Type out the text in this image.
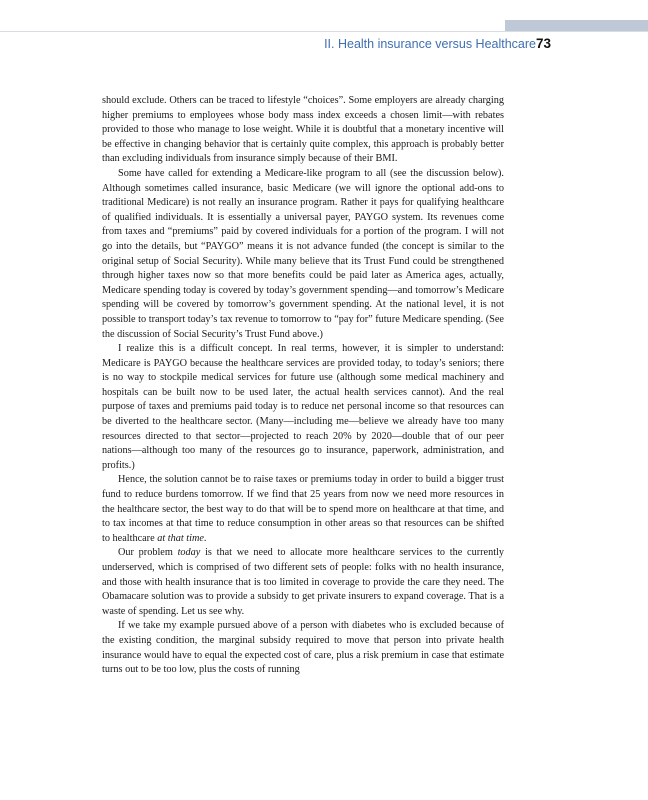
II. Health insurance versus Healthcare 73

should exclude. Others can be traced to lifestyle “choices”. Some employers are already charging higher premiums to employees whose body mass index exceeds a chosen limit—with rebates provided to those who manage to lose weight. While it is doubtful that a monetary incentive will be effective in changing behavior that is certainly quite complex, this approach is probably better than excluding individuals from insurance simply because of their BMI.

Some have called for extending a Medicare-like program to all (see the discussion below). Although sometimes called insurance, basic Medicare (we will ignore the optional add-ons to traditional Medicare) is not really an insurance program. Rather it pays for qualifying healthcare of qualified individuals. It is essentially a universal payer, PAYGO system. Its revenues come from taxes and “premiums” paid by covered individuals for a portion of the program. I will not go into the details, but “PAYGO” means it is not advance funded (the concept is similar to the original setup of Social Security). While many believe that its Trust Fund could be strengthened through higher taxes now so that more benefits could be paid later as America ages, actually, Medicare spending today is covered by today’s government spending—and tomorrow’s Medicare spending will be covered by tomorrow’s government spending. At the national level, it is not possible to transport today’s tax revenue to tomorrow to “pay for” future Medicare spending. (See the discussion of Social Security’s Trust Fund above.)

I realize this is a difficult concept. In real terms, however, it is simpler to understand: Medicare is PAYGO because the healthcare services are provided today, to today’s seniors; there is no way to stockpile medical services for future use (although some medical machinery and hospitals can be built now to be used later, the actual health services cannot). And the real purpose of taxes and premiums paid today is to reduce net personal income so that resources can be diverted to the healthcare sector. (Many—including me—believe we already have too many resources directed to that sector—projected to reach 20% by 2020—double that of our peer nations—although too many of the resources go to insurance, paperwork, administration, and profits.)

Hence, the solution cannot be to raise taxes or premiums today in order to build a bigger trust fund to reduce burdens tomorrow. If we find that 25 years from now we need more resources in the healthcare sector, the best way to do that will be to spend more on healthcare at that time, and to tax incomes at that time to reduce consumption in other areas so that resources can be shifted to healthcare at that time.

Our problem today is that we need to allocate more healthcare services to the currently underserved, which is comprised of two different sets of people: folks with no health insurance, and those with health insurance that is too limited in coverage to provide the care they need. The Obamacare solution was to provide a subsidy to get private insurers to expand coverage. That is a waste of spending. Let us see why.

If we take my example pursued above of a person with diabetes who is excluded because of the existing condition, the marginal subsidy required to move that person into private health insurance would have to equal the expected cost of care, plus a risk premium in case that estimate turns out to be too low, plus the costs of running
